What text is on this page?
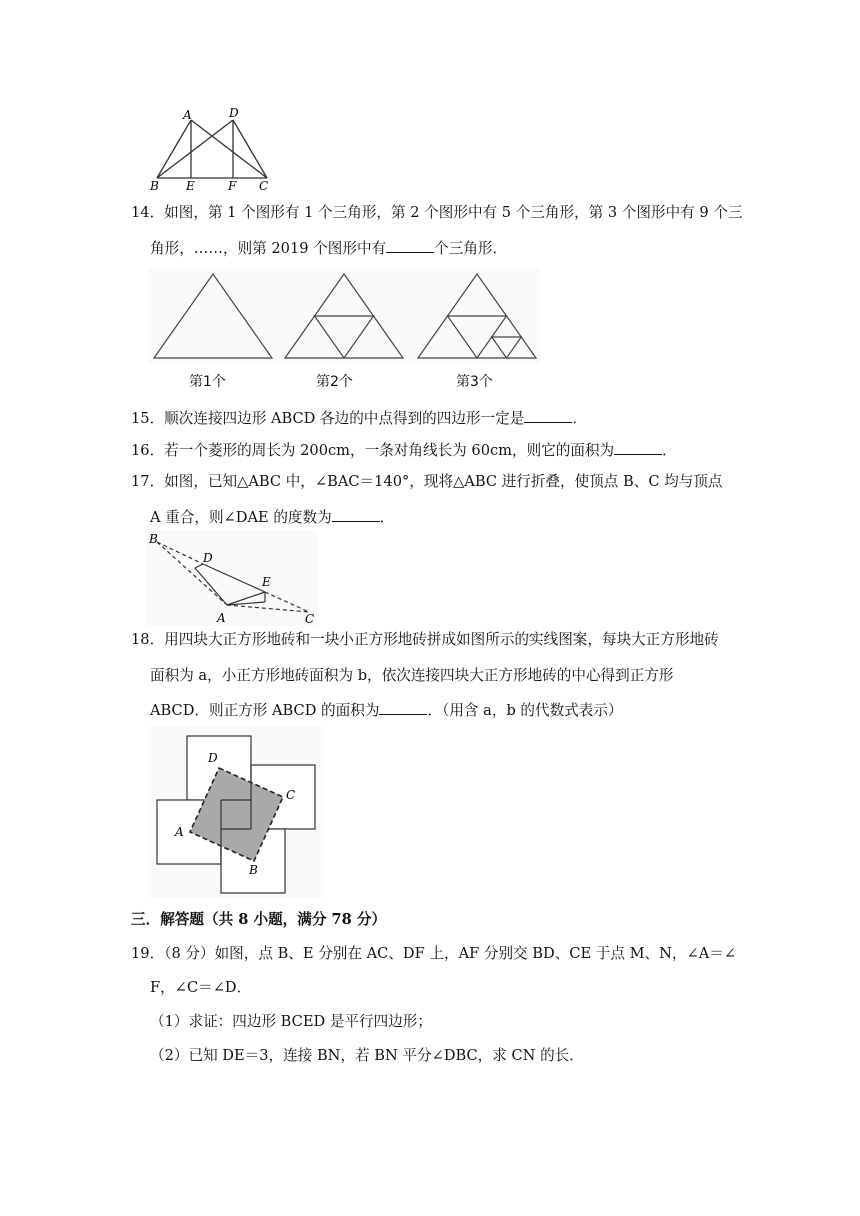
A	D
B E	F C
14．如图，第 1 个图形有 1 个三角形，第 2 个图形中有 5 个三角形，第 3 个图形中有 9 个三
角形，……，则第 2019 个图形中有	个三角形．
第1个	第2个	第3个
15．顺次连接四边形 ABCD 各边的中点得到的四边形一定是	．
16．若一个菱形的周长为 200cm，一条对角线长为 60cm，则它的面积为	．
17．如图，已知△ABC 中，∠BAC＝140°，现将△ABC 进行折叠，使顶点 B、C 均与顶点
A 重合，则∠DAE 的度数为	．
B
D
E
A	C
18．用四块大正方形地砖和一块小正方形地砖拼成如图所示的实线图案，每块大正方形地砖
面积为 a，小正方形地砖面积为 b，依次连接四块大正方形地砖的中心得到正方形
ABCD．则正方形 ABCD 的面积为	．（用含 a，b 的代数式表示）
D
C
A
B
三．解答题（共 8 小题，满分 78 分）
19．（8 分）如图，点 B、E 分别在 AC、DF 上，AF 分别交 BD、CE 于点 M、N，∠A＝∠
F，∠C＝∠D．
（1）求证：四边形 BCED 是平行四边形；
（2）已知 DE＝3，连接 BN，若 BN 平分∠DBC，求 CN 的长．
